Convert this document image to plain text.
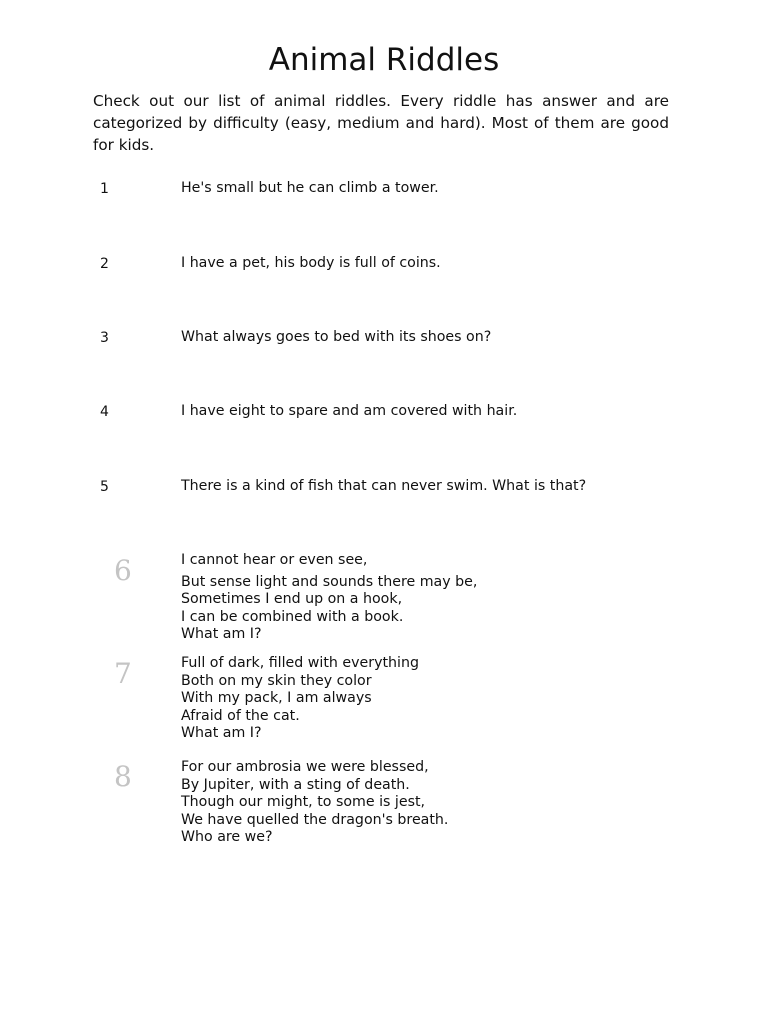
Animal Riddles

Check out our list of animal riddles. Every riddle has answer and are categorized by difficulty (easy, medium and hard). Most of them are good for kids.

1	He's small but he can climb a tower.
2	I have a pet, his body is full of coins.
3	What always goes to bed with its shoes on?
4	I have eight to spare and am covered with hair.
5	There is a kind of fish that can never swim. What is that?
6	I cannot hear or even see,
But sense light and sounds there may be,
Sometimes I end up on a hook,
I can be combined with a book.
What am I?
7	Full of dark, filled with everything
Both on my skin they color
With my pack, I am always
Afraid of the cat.
What am I?
8	For our ambrosia we were blessed,
By Jupiter, with a sting of death.
Though our might, to some is jest,
We have quelled the dragon's breath.
Who are we?
